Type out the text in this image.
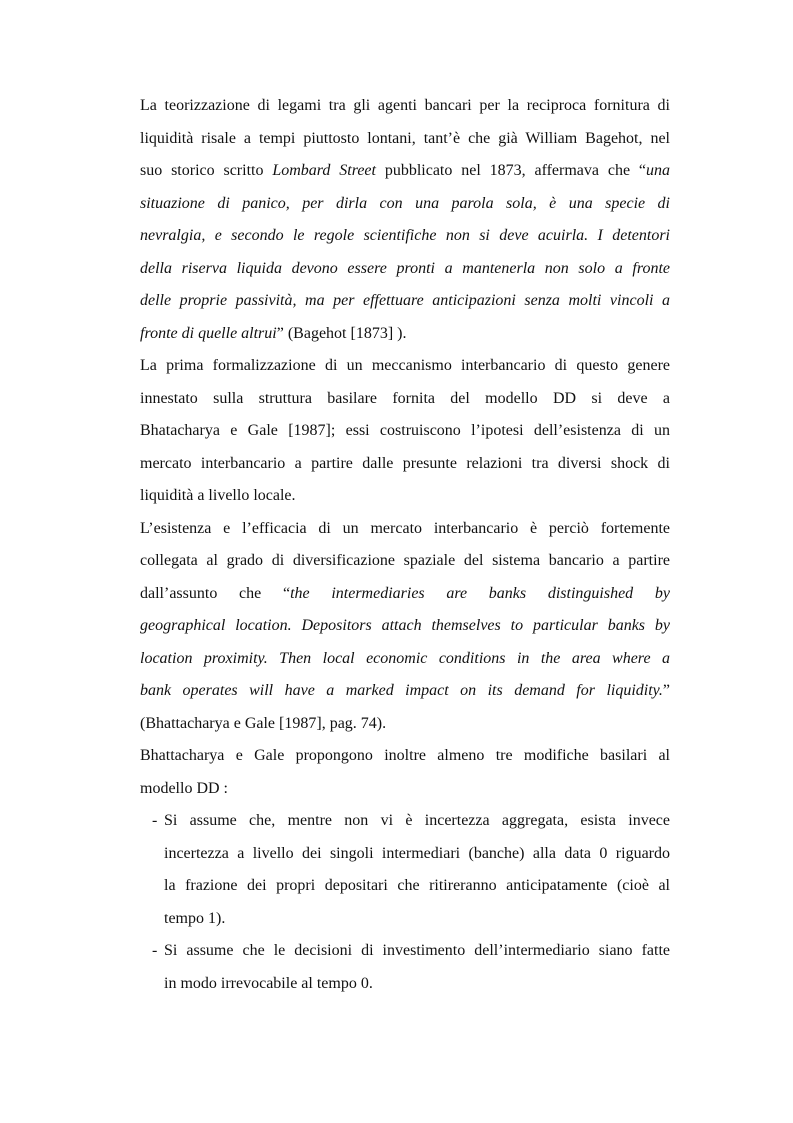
La teorizzazione di legami tra gli agenti bancari per la reciproca fornitura di
liquidità risale a tempi piuttosto lontani, tant’è che già William Bagehot, nel
suo storico scritto Lombard Street pubblicato nel 1873, affermava che “una
situazione di panico, per dirla con una parola sola, è una specie di
nevralgia, e secondo le regole scientifiche non si deve acuirla. I detentori
della riserva liquida devono essere pronti a mantenerla non solo a fronte
delle proprie passività, ma per effettuare anticipazioni senza molti vincoli a
fronte di quelle altrui” (Bagehot [1873] ).

La prima formalizzazione di un meccanismo interbancario di questo genere
innestato sulla struttura basilare fornita del modello DD si deve a
Bhatacharya e Gale [1987]; essi costruiscono l’ipotesi dell’esistenza di un
mercato interbancario a partire dalle presunte relazioni tra diversi shock di
liquidità a livello locale.

L’esistenza e l’efficacia di un mercato interbancario è perciò fortemente
collegata al grado di diversificazione spaziale del sistema bancario a partire
dall’assunto che “the intermediaries are banks distinguished by
geographical location. Depositors attach themselves to particular banks by
location proximity. Then local economic conditions in the area where a
bank operates will have a marked impact on its demand for liquidity.”
(Bhattacharya e Gale [1987], pag. 74).

Bhattacharya e Gale propongono inoltre almeno tre modifiche basilari al
modello DD :

- Si assume che, mentre non vi è incertezza aggregata, esista invece
incertezza a livello dei singoli intermediari (banche) alla data 0 riguardo
la frazione dei propri depositari che ritireranno anticipatamente (cioè al
tempo 1).
- Si assume che le decisioni di investimento dell’intermediario siano fatte
in modo irrevocabile al tempo 0.
